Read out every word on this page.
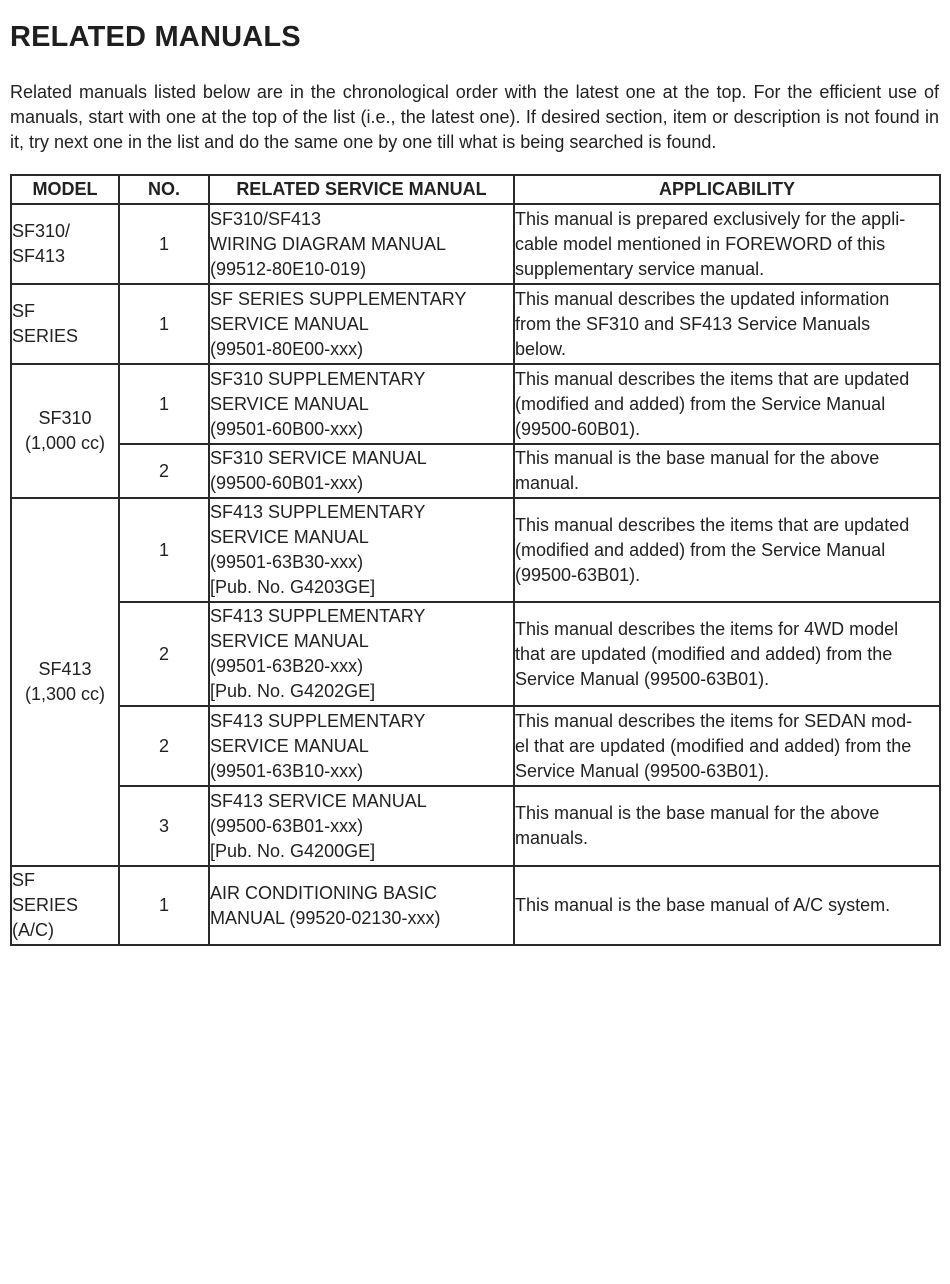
RELATED MANUALS

Related manuals listed below are in the chronological order with the latest one at the top. For the efficient use of manuals, start with one at the top of the list (i.e., the latest one). If desired section, item or description is not found in it, try next one in the list and do the same one by one till what is being searched is found.

MODEL	NO.	RELATED SERVICE MANUAL	APPLICABILITY

SF310/
SF413	1	SF310/SF413
WIRING DIAGRAM MANUAL
(99512-80E10-019)	This manual is prepared exclusively for the appli-
cable model mentioned in FOREWORD of this
supplementary service manual.

SF
SERIES	1	SF SERIES SUPPLEMENTARY
SERVICE MANUAL
(99501-80E00-xxx)	This manual describes the updated information
from the SF310 and SF413 Service Manuals
below.

SF310
(1,000 cc)	1	SF310 SUPPLEMENTARY
SERVICE MANUAL
(99501-60B00-xxx)	This manual describes the items that are updated
(modified and added) from the Service Manual
(99500-60B01).

	2	SF310 SERVICE MANUAL
(99500-60B01-xxx)	This manual is the base manual for the above
manual.

SF413
(1,300 cc)	1	SF413 SUPPLEMENTARY
SERVICE MANUAL
(99501-63B30-xxx)
[Pub. No. G4203GE]	This manual describes the items that are updated
(modified and added) from the Service Manual
(99500-63B01).

	2	SF413 SUPPLEMENTARY
SERVICE MANUAL
(99501-63B20-xxx)
[Pub. No. G4202GE]	This manual describes the items for 4WD model
that are updated (modified and added) from the
Service Manual (99500-63B01).

	2	SF413 SUPPLEMENTARY
SERVICE MANUAL
(99501-63B10-xxx)	This manual describes the items for SEDAN mod-
el that are updated (modified and added) from the
Service Manual (99500-63B01).

	3	SF413 SERVICE MANUAL
(99500-63B01-xxx)
[Pub. No. G4200GE]	This manual is the base manual for the above
manuals.

SF
SERIES
(A/C)	1	AIR CONDITIONING BASIC
MANUAL (99520-02130-xxx)	This manual is the base manual of A/C system.
